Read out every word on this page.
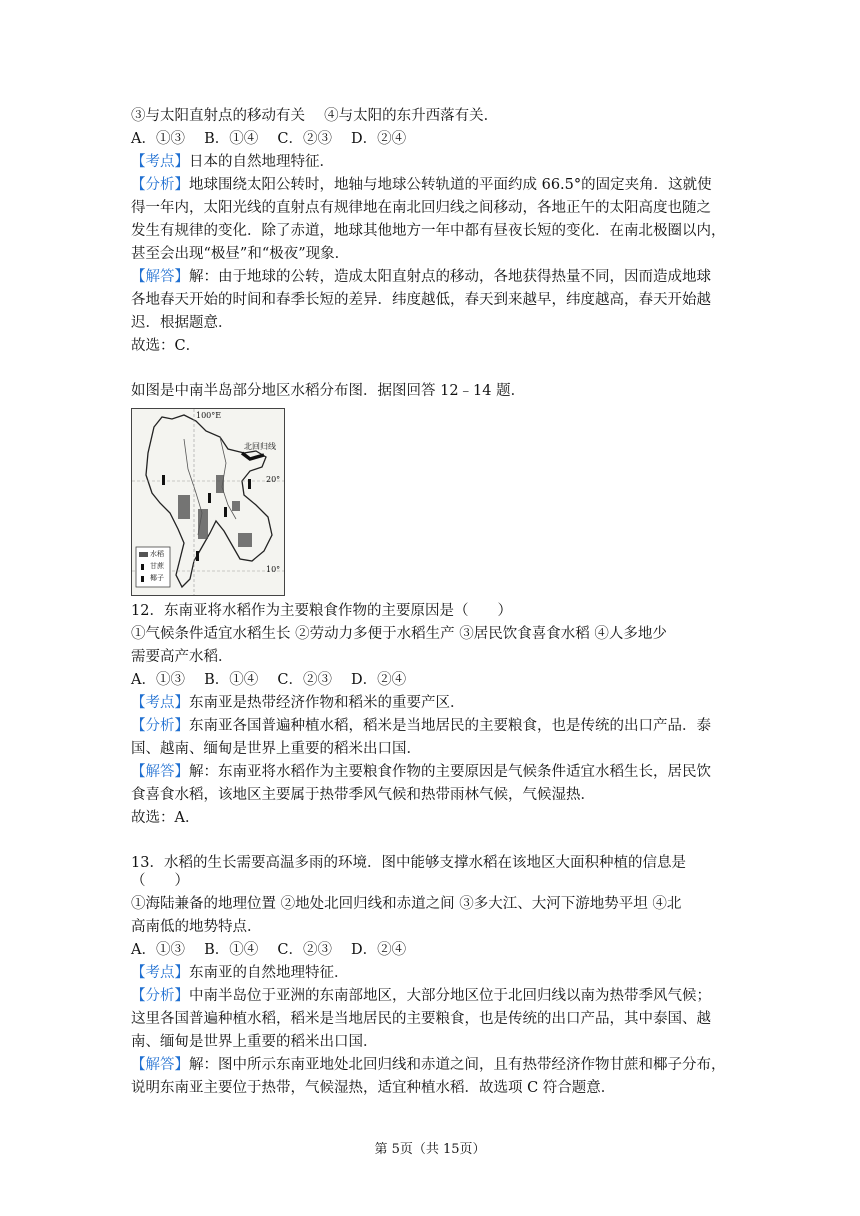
③与太阳直射点的移动有关　 ④与太阳的东升西落有关．
A．①③　 B．①④　 C．②③　 D．②④
【考点】日本的自然地理特征．
【分析】地球围绕太阳公转时，地轴与地球公转轨道的平面约成 66.5°的固定夹角．这就使
得一年内，太阳光线的直射点有规律地在南北回归线之间移动，各地正午的太阳高度也随之
发生有规律的变化．除了赤道，地球其他地方一年中都有昼夜长短的变化．在南北极圈以内，
甚至会出现“极昼”和“极夜”现象．
【解答】解：由于地球的公转，造成太阳直射点的移动，各地获得热量不同，因而造成地球
各地春天开始的时间和春季长短的差异．纬度越低，春天到来越早，纬度越高，春天开始越
迟．根据题意．
故选：C．
如图是中南半岛部分地区水稻分布图．据图回答 12﹣14 题．
100°E
北回归线
20°
10°
水稻
甘蔗
椰子
12．东南亚将水稻作为主要粮食作物的主要原因是（　　）
①气候条件适宜水稻生长 ②劳动力多便于水稻生产 ③居民饮食喜食水稻 ④人多地少
需要高产水稻．
A．①③　 B．①④　 C．②③　 D．②④
【考点】东南亚是热带经济作物和稻米的重要产区．
【分析】东南亚各国普遍种植水稻，稻米是当地居民的主要粮食，也是传统的出口产品．泰
国、越南、缅甸是世界上重要的稻米出口国．
【解答】解：东南亚将水稻作为主要粮食作物的主要原因是气候条件适宜水稻生长，居民饮
食喜食水稻，该地区主要属于热带季风气候和热带雨林气候，气候湿热．
故选：A．
13．水稻的生长需要高温多雨的环境．图中能够支撑水稻在该地区大面积种植的信息是
（　　）
①海陆兼备的地理位置 ②地处北回归线和赤道之间 ③多大江、大河下游地势平坦 ④北
高南低的地势特点．
A．①③　 B．①④　 C．②③　 D．②④
【考点】东南亚的自然地理特征．
【分析】中南半岛位于亚洲的东南部地区，大部分地区位于北回归线以南为热带季风气候；
这里各国普遍种植水稻，稻米是当地居民的主要粮食，也是传统的出口产品，其中泰国、越
南、缅甸是世界上重要的稻米出口国．
【解答】解：图中所示东南亚地处北回归线和赤道之间，且有热带经济作物甘蔗和椰子分布，
说明东南亚主要位于热带，气候湿热，适宜种植水稻．故选项 C 符合题意．
第 5页（共 15页）
